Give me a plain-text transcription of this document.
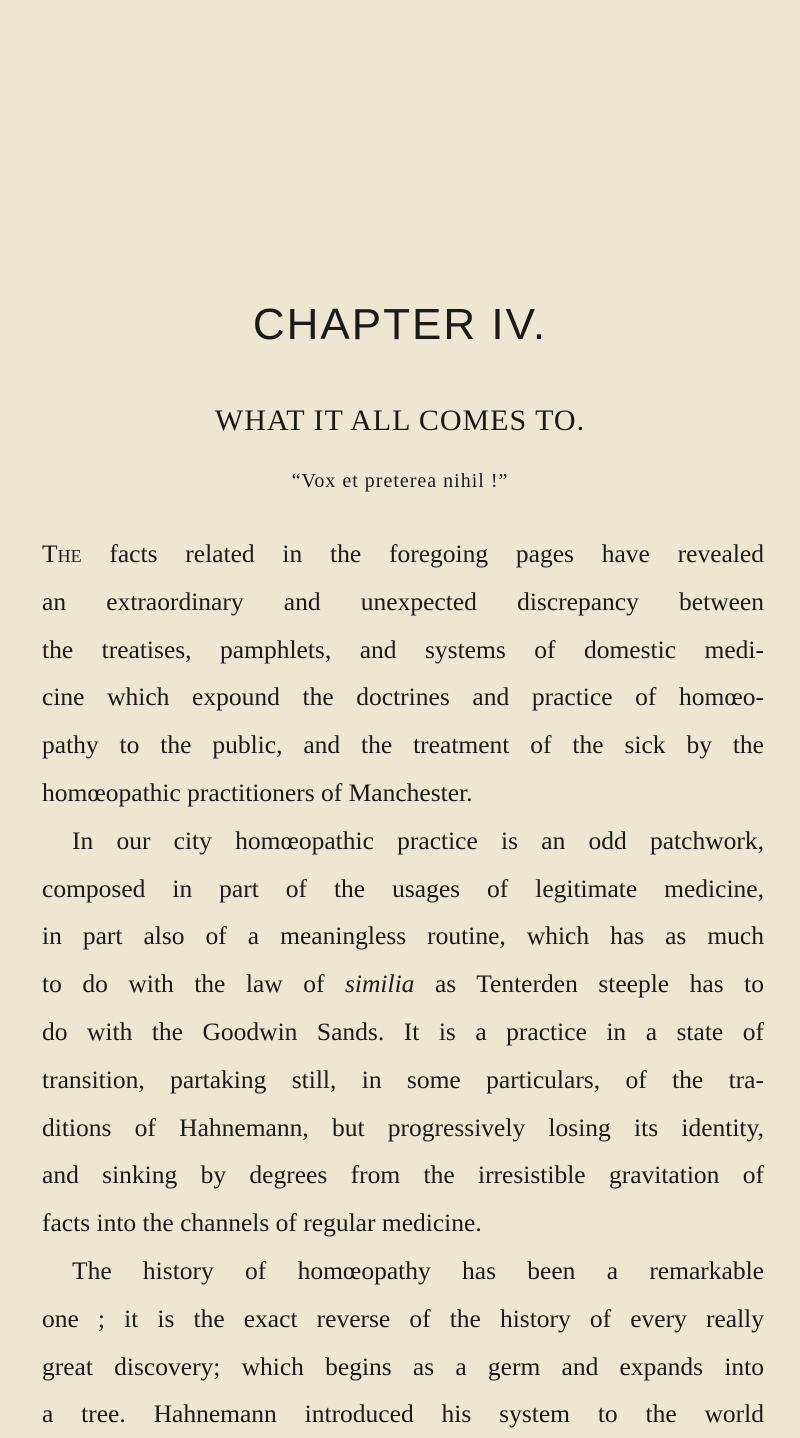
CHAPTER IV.
WHAT IT ALL COMES TO.

“Vox et preterea nihil !”

The facts related in the foregoing pages have revealed
an extraordinary and unexpected discrepancy between
the treatises, pamphlets, and systems of domestic medi-
cine which expound the doctrines and practice of homœo-
pathy to the public, and the treatment of the sick by the
homœopathic practitioners of Manchester.
In our city homœopathic practice is an odd patchwork,
composed in part of the usages of legitimate medicine,
in part also of a meaningless routine, which has as much
to do with the law of similia as Tenterden steeple has to
do with the Goodwin Sands. It is a practice in a state of
transition, partaking still, in some particulars, of the tra-
ditions of Hahnemann, but progressively losing its identity,
and sinking by degrees from the irresistible gravitation of
facts into the channels of regular medicine.
The history of homœopathy has been a remarkable
one ; it is the exact reverse of the history of every really
great discovery; which begins as a germ and expands into
a tree. Hahnemann introduced his system to the world
